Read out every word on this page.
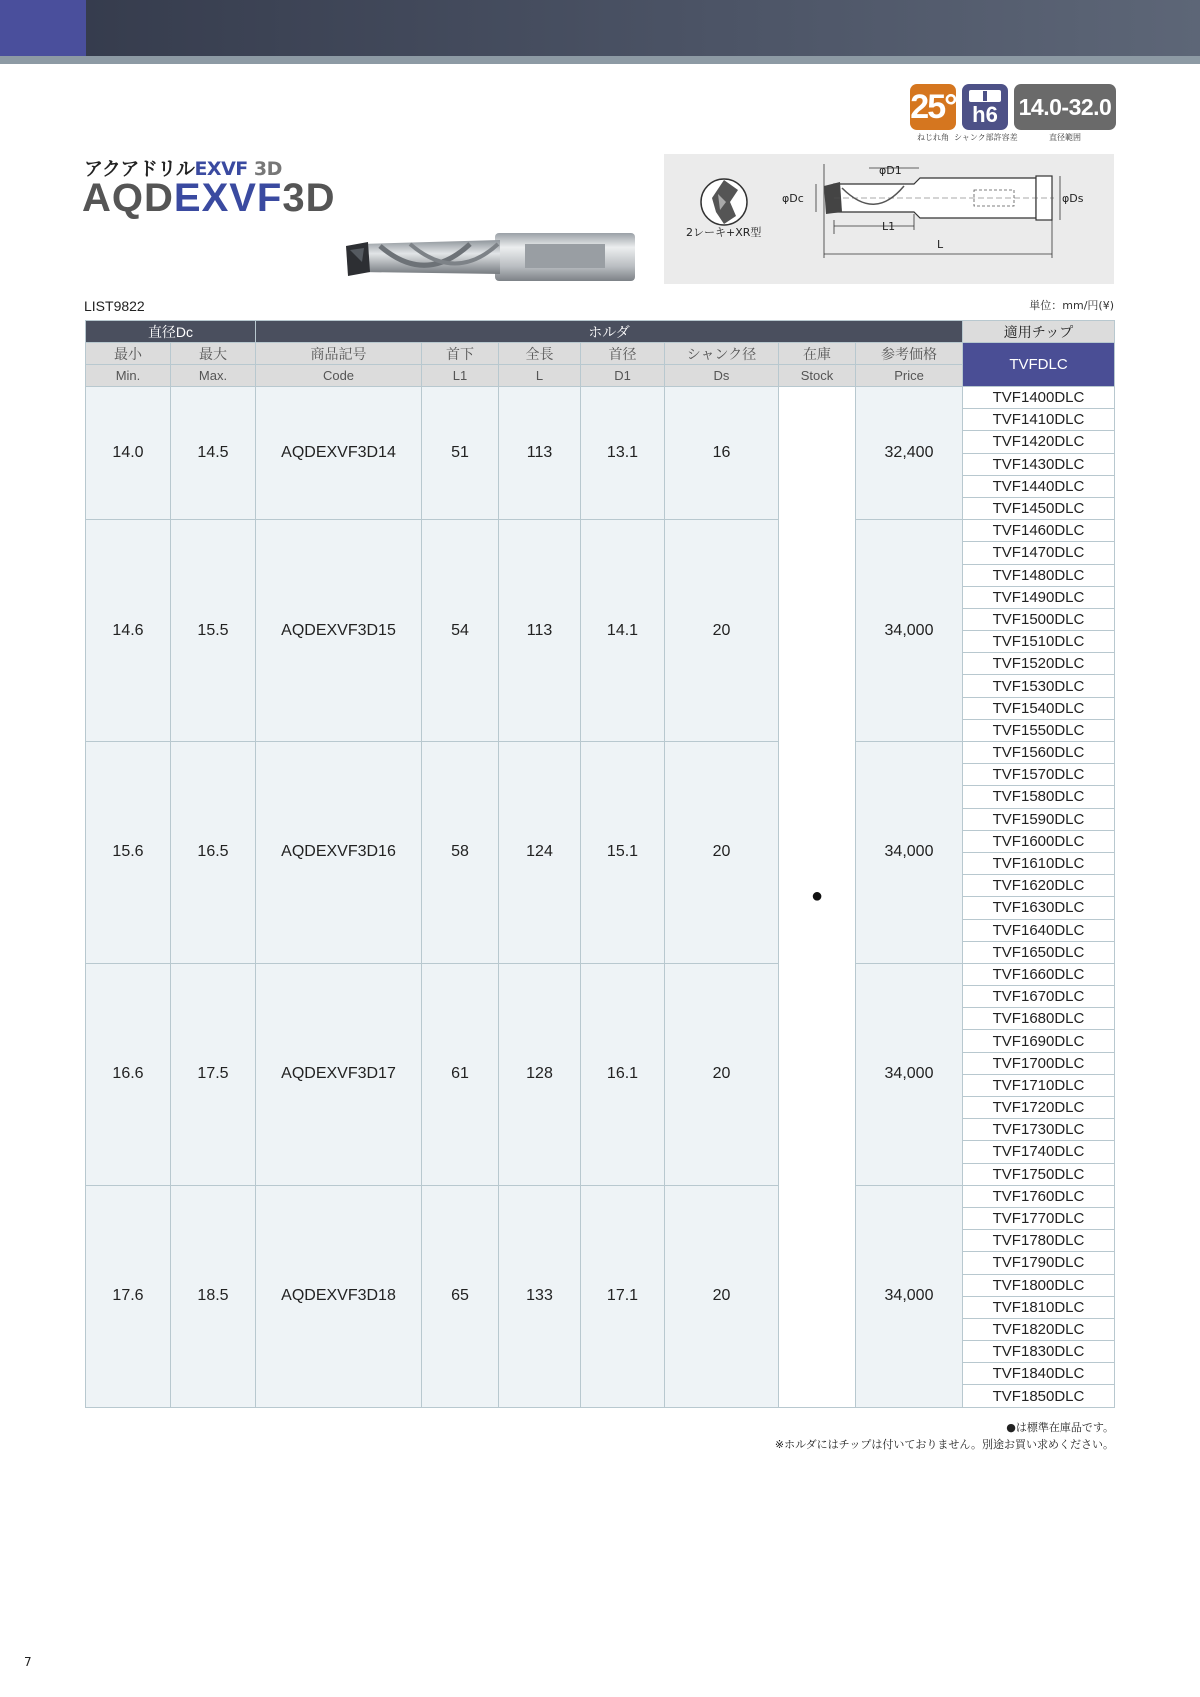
25° h6 14.0-32.0
ねじれ角 シャンク部許容差	直径範囲
アクアドリルEXVF 3D
AQDEXVF3D
2レーキ+XR型
φD1
φDc	φDs
L1
L
LIST9822	単位：mm/円(¥)
直径Dc		ホルダ							適用チップ
最小	最大	商品記号	首下	全長	首径	シャンク径	在庫	参考価格	TVFDLC
Min.	Max.	Code	L1	L	D1	Ds	Stock	Price	
14.0	14.5	AQDEXVF3D14	51	113	13.1	16	●	32,400	TVF1400DLC
									TVF1410DLC
									TVF1420DLC
									TVF1430DLC
									TVF1440DLC
									TVF1450DLC
14.6	15.5	AQDEXVF3D15	54	113	14.1	20		34,000	TVF1460DLC
									TVF1470DLC
									TVF1480DLC
									TVF1490DLC
									TVF1500DLC
									TVF1510DLC
									TVF1520DLC
									TVF1530DLC
									TVF1540DLC
									TVF1550DLC
15.6	16.5	AQDEXVF3D16	58	124	15.1	20		34,000	TVF1560DLC
									TVF1570DLC
									TVF1580DLC
									TVF1590DLC
									TVF1600DLC
									TVF1610DLC
									TVF1620DLC
									TVF1630DLC
									TVF1640DLC
									TVF1650DLC
16.6	17.5	AQDEXVF3D17	61	128	16.1	20		34,000	TVF1660DLC
									TVF1670DLC
									TVF1680DLC
									TVF1690DLC
									TVF1700DLC
									TVF1710DLC
									TVF1720DLC
									TVF1730DLC
									TVF1740DLC
									TVF1750DLC
17.6	18.5	AQDEXVF3D18	65	133	17.1	20		34,000	TVF1760DLC
									TVF1770DLC
									TVF1780DLC
									TVF1790DLC
									TVF1800DLC
									TVF1810DLC
									TVF1820DLC
									TVF1830DLC
									TVF1840DLC
									TVF1850DLC
●は標準在庫品です。
※ホルダにはチップは付いておりません。別途お買い求めください。
7
